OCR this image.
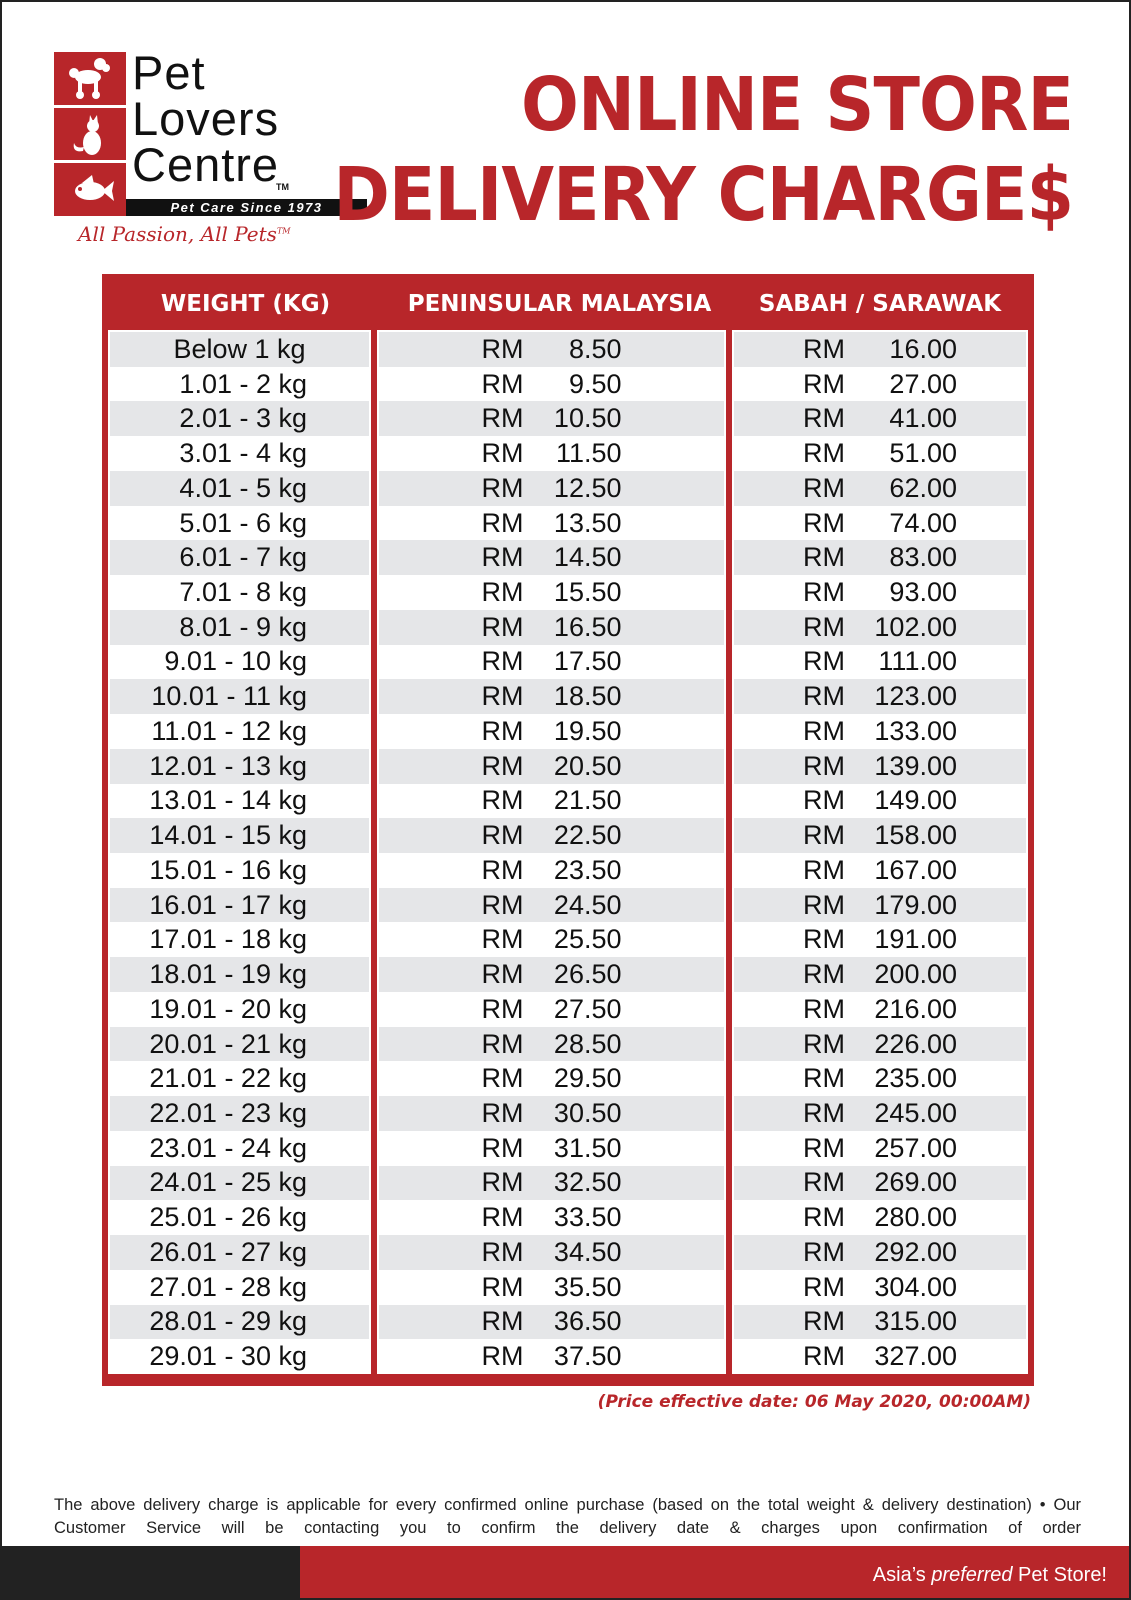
Pet
Lovers
Centre
TM
Pet Care Since 1973
All Passion, All Pets™
ONLINE STORE
DELIVERY CHARGE$
WEIGHT (KG)	PENINSULAR MALAYSIA	SABAH / SARAWAK
Below 1 kg
1.01 - 2 kg
2.01 - 3 kg
3.01 - 4 kg
4.01 - 5 kg
5.01 - 6 kg
6.01 - 7 kg
7.01 - 8 kg
8.01 - 9 kg
9.01 - 10 kg
10.01 - 11 kg
11.01 - 12 kg
12.01 - 13 kg
13.01 - 14 kg
14.01 - 15 kg
15.01 - 16 kg
16.01 - 17 kg
17.01 - 18 kg
18.01 - 19 kg
19.01 - 20 kg
20.01 - 21 kg
21.01 - 22 kg
22.01 - 23 kg
23.01 - 24 kg
24.01 - 25 kg
25.01 - 26 kg
26.01 - 27 kg
27.01 - 28 kg
28.01 - 29 kg
29.01 - 30 kg
RM 8.50
RM 9.50
RM 10.50
RM 11.50
RM 12.50
RM 13.50
RM 14.50
RM 15.50
RM 16.50
RM 17.50
RM 18.50
RM 19.50
RM 20.50
RM 21.50
RM 22.50
RM 23.50
RM 24.50
RM 25.50
RM 26.50
RM 27.50
RM 28.50
RM 29.50
RM 30.50
RM 31.50
RM 32.50
RM 33.50
RM 34.50
RM 35.50
RM 36.50
RM 37.50
RM 16.00
RM 27.00
RM 41.00
RM 51.00
RM 62.00
RM 74.00
RM 83.00
RM 93.00
RM 102.00
RM 111.00
RM 123.00
RM 133.00
RM 139.00
RM 149.00
RM 158.00
RM 167.00
RM 179.00
RM 191.00
RM 200.00
RM 216.00
RM 226.00
RM 235.00
RM 245.00
RM 257.00
RM 269.00
RM 280.00
RM 292.00
RM 304.00
RM 315.00
RM 327.00
(Price effective date: 06 May 2020, 00:00AM)
The above delivery charge is applicable for every confirmed online purchase (based on the total weight & delivery destination) • Our Customer Service will be contacting you to confirm the delivery date & charges upon confirmation of order
Asia’s preferred Pet Store!
